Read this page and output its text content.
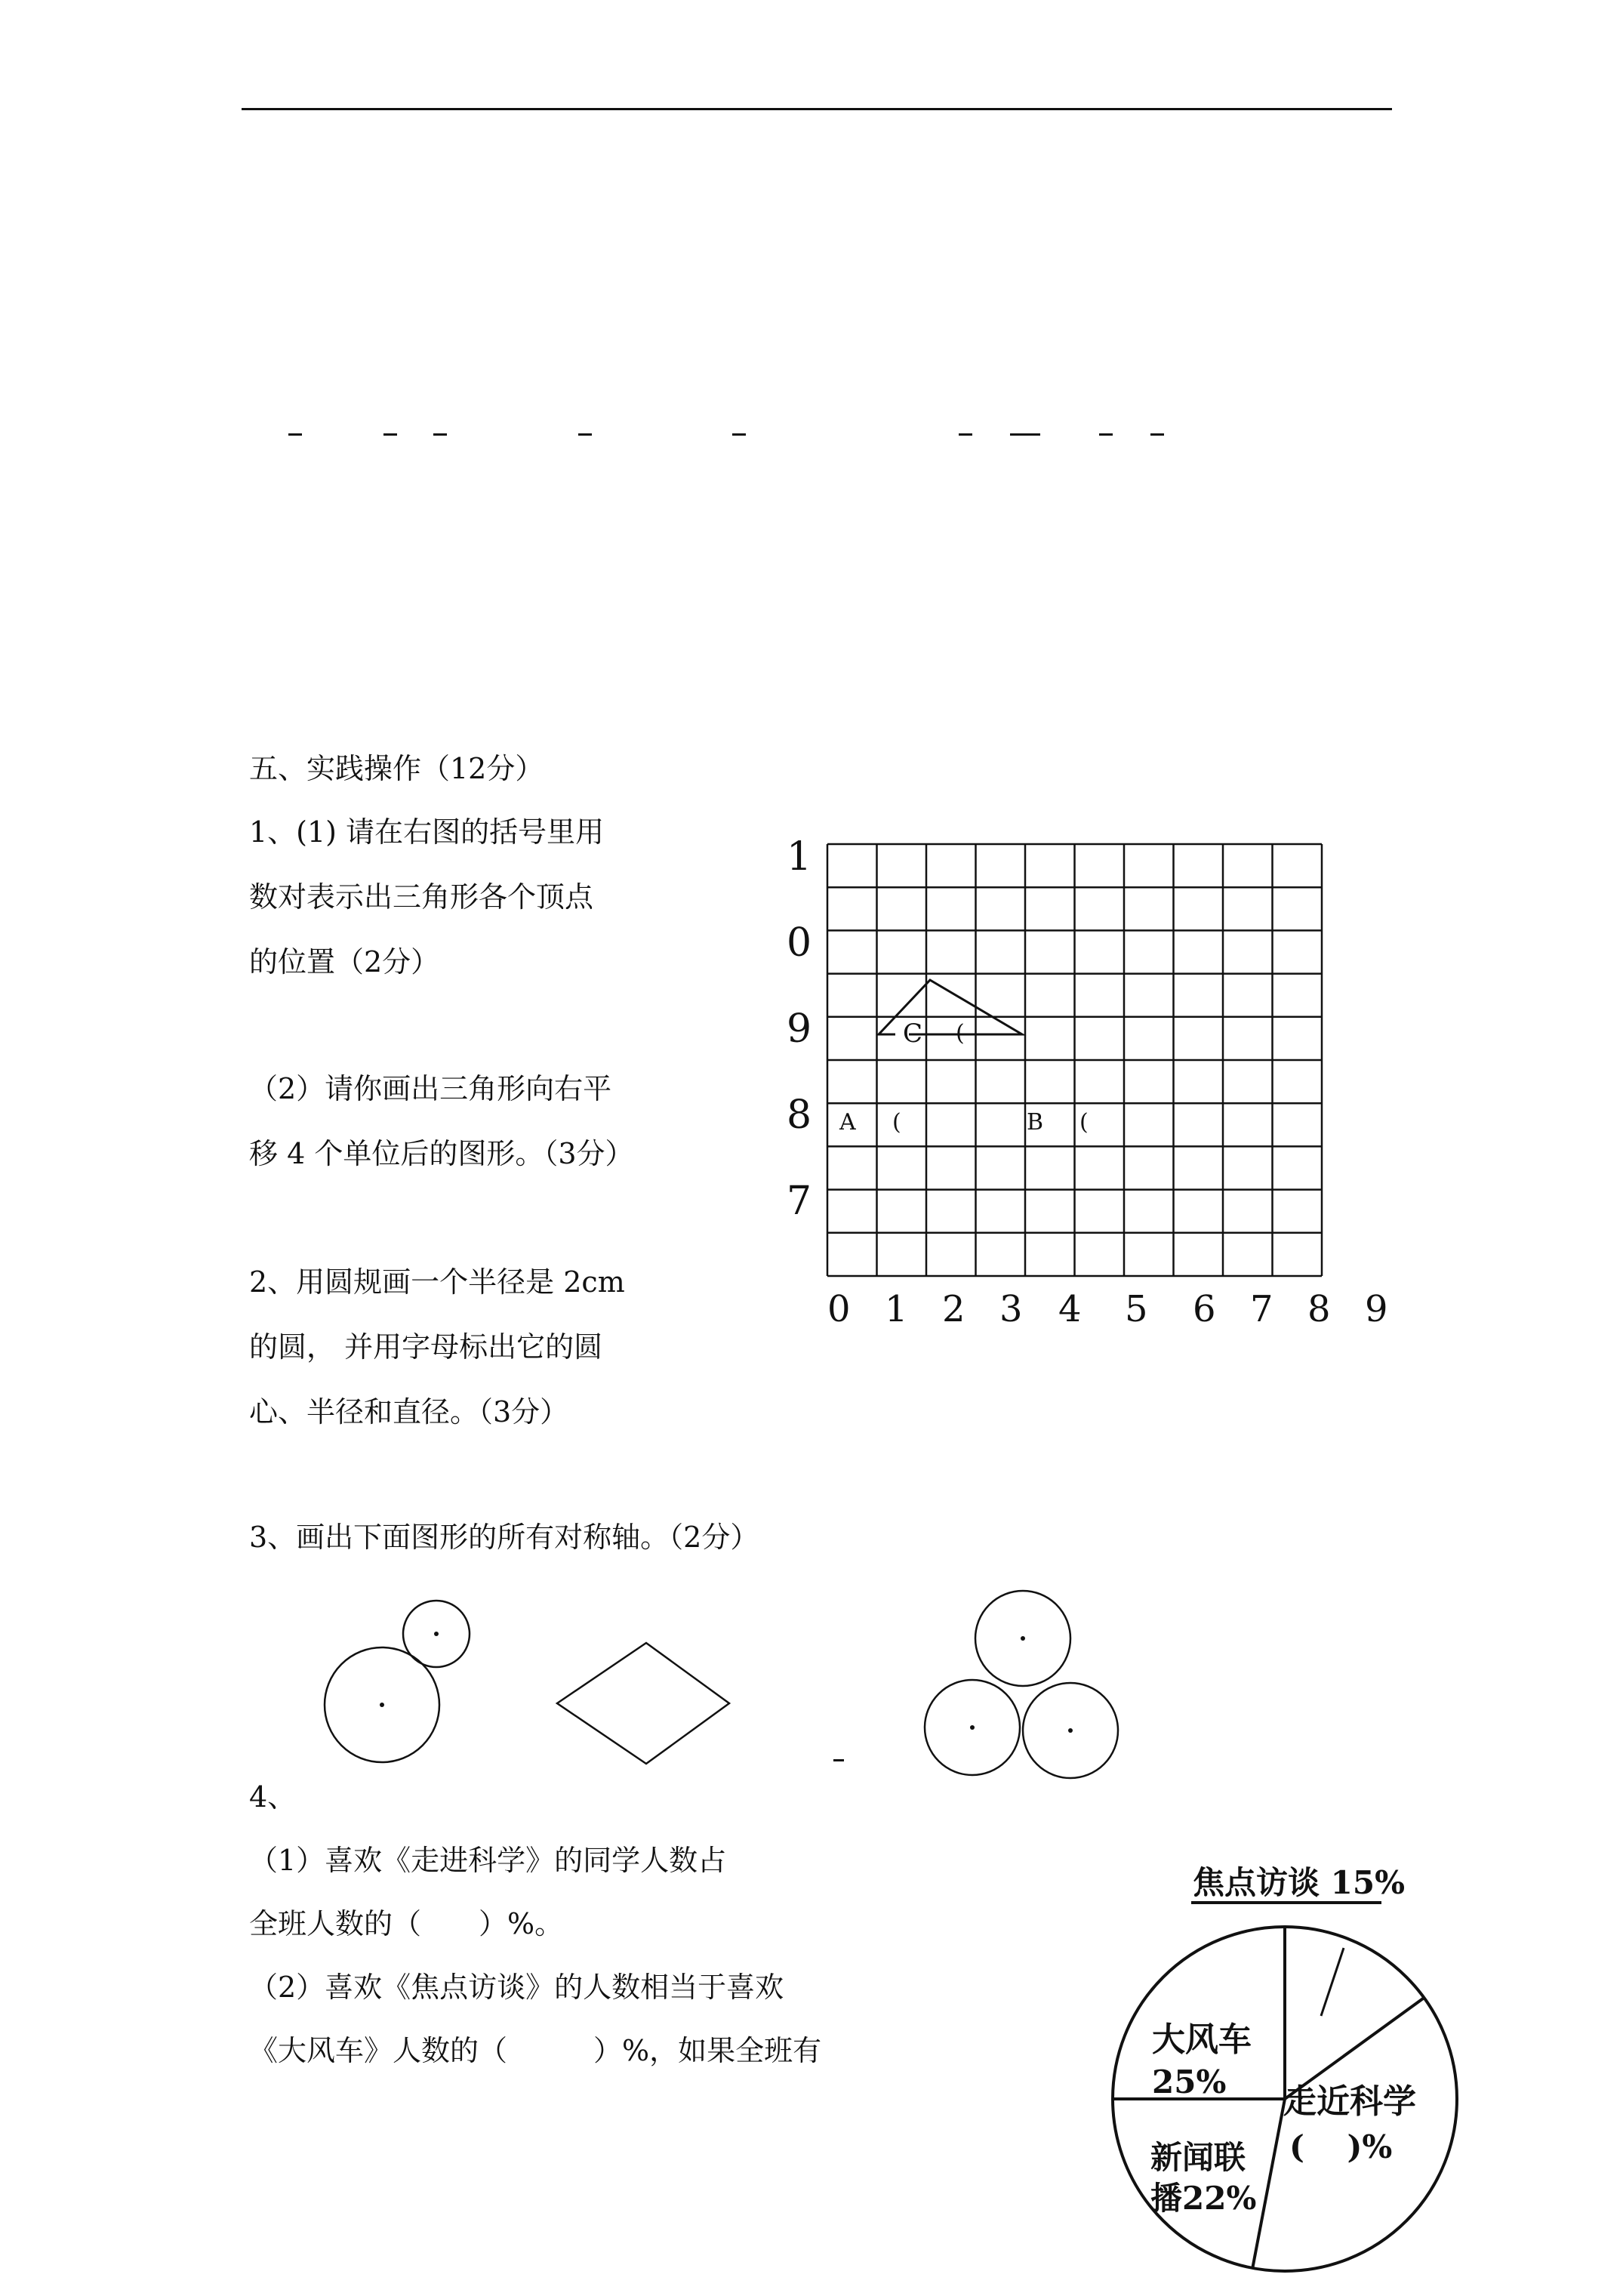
五、实践操作（12分）
1、(1) 请在右图的括号里用
数对表示出三角形各个顶点
的位置（2分）
（2）请你画出三角形向右平
移 4 个单位后的图形。（3分）
2、用圆规画一个半径是 2cm
的圆， 并用字母标出它的圆
心、半径和直径。（3分）
3、画出下面图形的所有对称轴。（2分）
4、
（1）喜欢《走进科学》的同学人数占
全班人数的（　　）%。
（2）喜欢《焦点访谈》的人数相当于喜欢
《大风车》人数的（　　　）%，如果全班有
1
0
9
8
7
0 1 2 3 4 5 6 7 8 9
C (
A (	B (
焦点访谈 15%
大风车
25%
新闻联
播22%
走近科学
(　 )%
